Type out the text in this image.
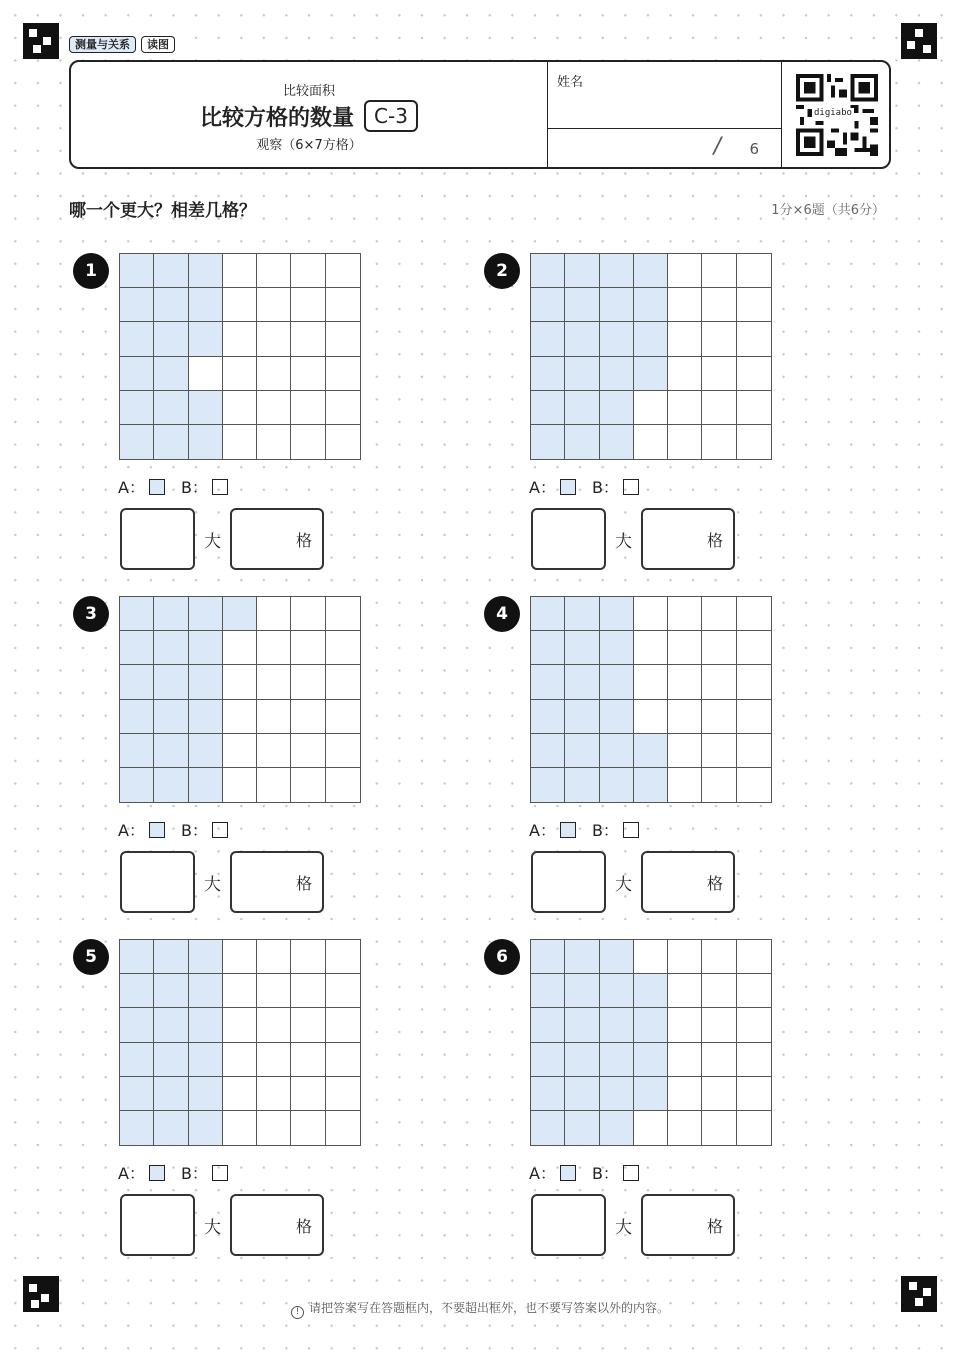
测量与关系	读图
比较面积
比较方格的数量	C-3
观察（6×7方格）
姓名
/ 6
digiabo
哪一个更大？相差几格？	1分×6题（共6分）
1
A： B：
大	格
2
A： B：
大	格
3
A： B：
大	格
4
A： B：
大	格
5
A： B：
大	格
6
A： B：
大	格
! 请把答案写在答题框内，不要超出框外，也不要写答案以外的内容。
